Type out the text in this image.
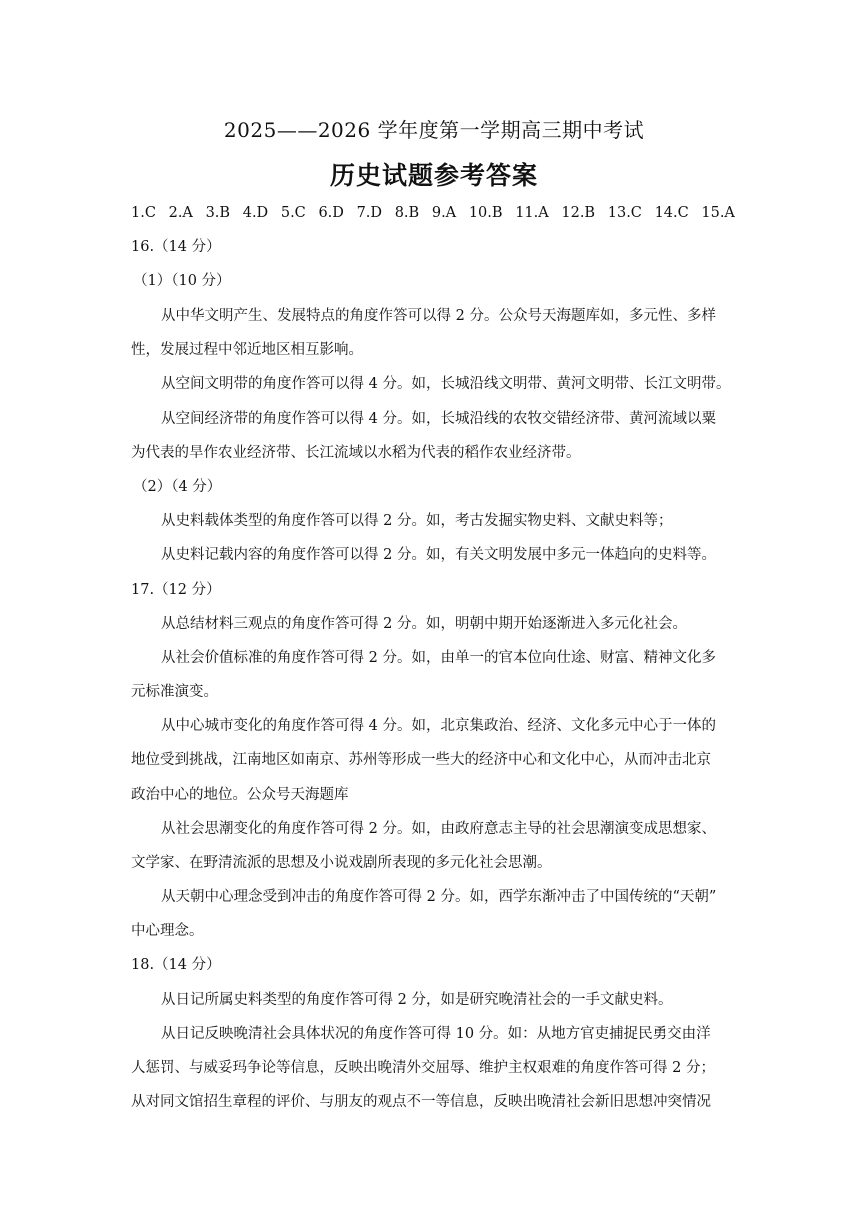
2025——2026 学年度第一学期高三期中考试
历史试题参考答案
1.C 2.A 3.B 4.D 5.C 6.D 7.D 8.B 9.A 10.B 11.A 12.B 13.C 14.C 15.A
16.（14 分）
（1）（10 分）
从中华文明产生、发展特点的角度作答可以得 2 分。公众号天海题库如，多元性、多样
性，发展过程中邻近地区相互影响。
从空间文明带的角度作答可以得 4 分。如，长城沿线文明带、黄河文明带、长江文明带。
从空间经济带的角度作答可以得 4 分。如，长城沿线的农牧交错经济带、黄河流域以粟
为代表的旱作农业经济带、长江流域以水稻为代表的稻作农业经济带。
（2）（4 分）
从史料载体类型的角度作答可以得 2 分。如，考古发掘实物史料、文献史料等；
从史料记载内容的角度作答可以得 2 分。如，有关文明发展中多元一体趋向的史料等。
17.（12 分）
从总结材料三观点的角度作答可得 2 分。如，明朝中期开始逐渐进入多元化社会。
从社会价值标准的角度作答可得 2 分。如，由单一的官本位向仕途、财富、精神文化多
元标准演变。
从中心城市变化的角度作答可得 4 分。如，北京集政治、经济、文化多元中心于一体的
地位受到挑战，江南地区如南京、苏州等形成一些大的经济中心和文化中心，从而冲击北京
政治中心的地位。公众号天海题库
从社会思潮变化的角度作答可得 2 分。如，由政府意志主导的社会思潮演变成思想家、
文学家、在野清流派的思想及小说戏剧所表现的多元化社会思潮。
从天朝中心理念受到冲击的角度作答可得 2 分。如，西学东渐冲击了中国传统的“天朝”
中心理念。
18.（14 分）
从日记所属史料类型的角度作答可得 2 分，如是研究晚清社会的一手文献史料。
从日记反映晚清社会具体状况的角度作答可得 10 分。如：从地方官吏捕捉民勇交由洋
人惩罚、与威妥玛争论等信息，反映出晚清外交屈辱、维护主权艰难的角度作答可得 2 分；
从对同文馆招生章程的评价、与朋友的观点不一等信息，反映出晚清社会新旧思想冲突情况
